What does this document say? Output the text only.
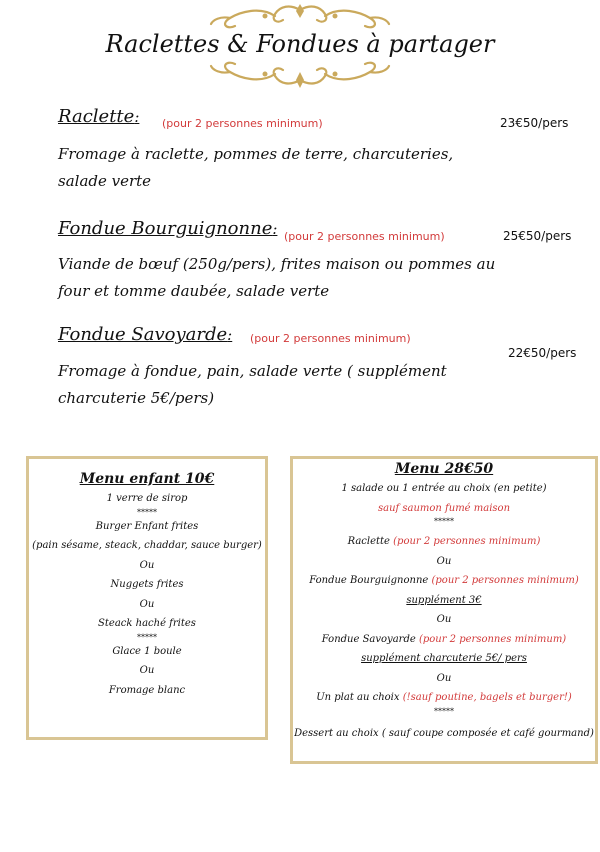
Raclettes & Fondues à partager
Raclette: (pour 2 personnes minimum)	23€50/pers
Fromage à raclette, pommes de terre, charcuteries,
salade verte
Fondue Bourguignonne: (pour 2 personnes minimum)	25€50/pers
Viande de bœuf (250g/pers), frites maison ou pommes au
four et tomme daubée, salade verte
Fondue Savoyarde: (pour 2 personnes minimum)
22€50/pers
Fromage à fondue, pain, salade verte ( supplément
charcuterie 5€/pers)
Menu enfant 10€
1 verre de sirop
*****
Burger Enfant frites
(pain sésame, steack, chaddar, sauce burger)
Ou
Nuggets frites
Ou
Steack haché frites
*****
Glace 1 boule
Ou
Fromage blanc
Menu 28€50
1 salade ou 1 entrée au choix (en petite)
sauf saumon fumé maison
*****
Raclette (pour 2 personnes minimum)
Ou
Fondue Bourguignonne (pour 2 personnes minimum)
supplément 3€
Ou
Fondue Savoyarde (pour 2 personnes minimum)
supplément charcuterie 5€/ pers
Ou
Un plat au choix (!sauf poutine, bagels et burger!)
*****
Dessert au choix ( sauf coupe composée et café gourmand)
